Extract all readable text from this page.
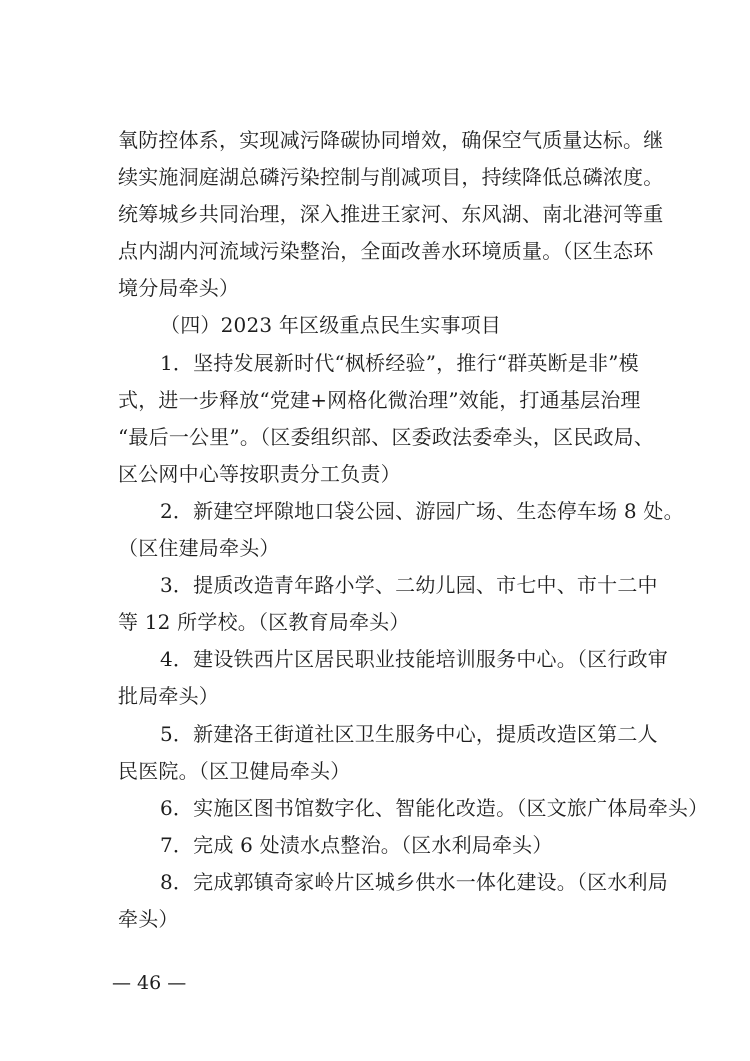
氧防控体系，实现减污降碳协同增效，确保空气质量达标。继
续实施洞庭湖总磷污染控制与削减项目，持续降低总磷浓度。
统筹城乡共同治理，深入推进王家河、东风湖、南北港河等重
点内湖内河流域污染整治，全面改善水环境质量。（区生态环
境分局牵头）
（四）2023 年区级重点民生实事项目
1．坚持发展新时代“枫桥经验”，推行“群英断是非”模
式，进一步释放“党建+网格化微治理”效能，打通基层治理
“最后一公里”。（区委组织部、区委政法委牵头，区民政局、
区公网中心等按职责分工负责）
2．新建空坪隙地口袋公园、游园广场、生态停车场 8 处。
（区住建局牵头）
3．提质改造青年路小学、二幼儿园、市七中、市十二中
等 12 所学校。（区教育局牵头）
4．建设铁西片区居民职业技能培训服务中心。（区行政审
批局牵头）
5．新建洛王街道社区卫生服务中心，提质改造区第二人
民医院。（区卫健局牵头）
6．实施区图书馆数字化、智能化改造。（区文旅广体局牵头）
7．完成 6 处渍水点整治。（区水利局牵头）
8．完成郭镇奇家岭片区城乡供水一体化建设。（区水利局
牵头）
— 46 —
